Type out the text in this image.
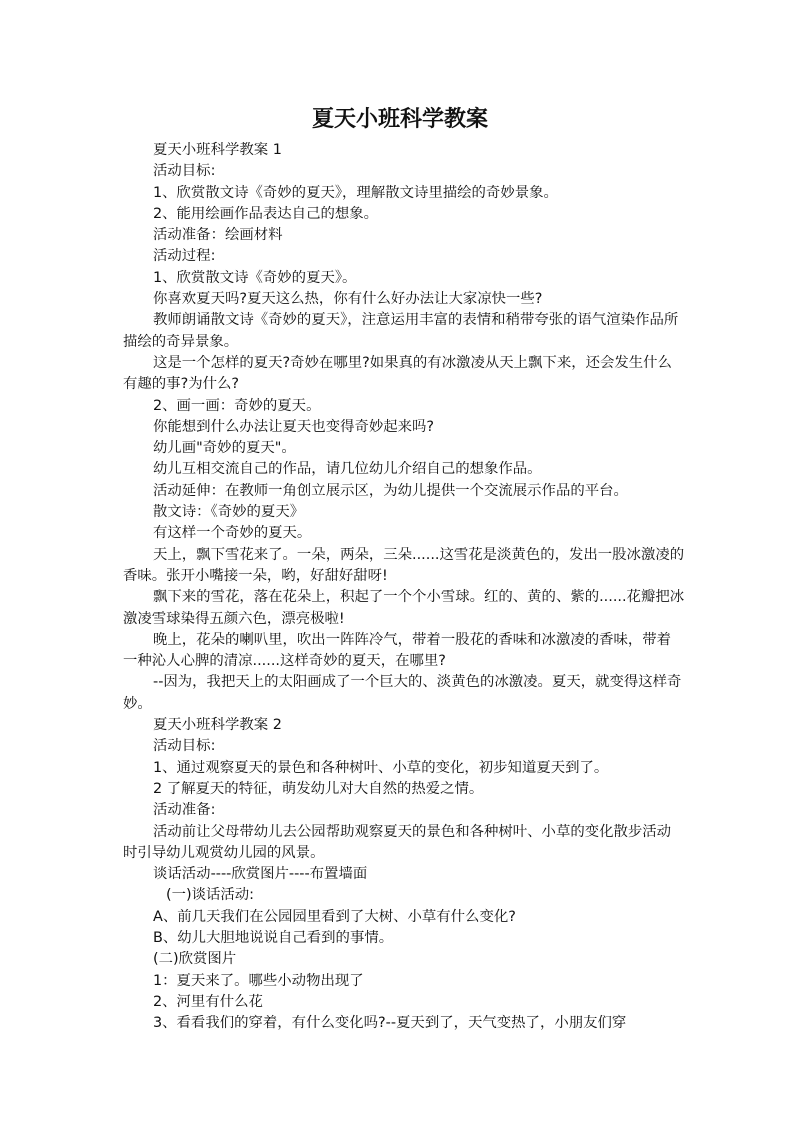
夏天小班科学教案

夏天小班科学教案 1

活动目标:

1、欣赏散文诗《奇妙的夏天》，理解散文诗里描绘的奇妙景象。

2、能用绘画作品表达自己的想象。

活动准备：绘画材料

活动过程:

1、欣赏散文诗《奇妙的夏天》。

你喜欢夏天吗?夏天这么热，你有什么好办法让大家凉快一些?

教师朗诵散文诗《奇妙的夏天》，注意运用丰富的表情和稍带夸张的语气渲染作品所描绘的奇异景象。

这是一个怎样的夏天?奇妙在哪里?如果真的有冰激凌从天上飘下来，还会发生什么有趣的事?为什么?

2、画一画：奇妙的夏天。

你能想到什么办法让夏天也变得奇妙起来吗?

幼儿画"奇妙的夏天"。

幼儿互相交流自己的作品，请几位幼儿介绍自己的想象作品。

活动延伸：在教师一角创立展示区，为幼儿提供一个交流展示作品的平台。

散文诗：《奇妙的夏天》

有这样一个奇妙的夏天。

天上，飘下雪花来了。一朵，两朵，三朵......这雪花是淡黄色的，发出一股冰激凌的香味。张开小嘴接一朵，哟，好甜好甜呀!

飘下来的雪花，落在花朵上，积起了一个个小雪球。红的、黄的、紫的......花瓣把冰激凌雪球染得五颜六色，漂亮极啦!

晚上，花朵的喇叭里，吹出一阵阵冷气，带着一股花的香味和冰激凌的香味，带着一种沁人心脾的清凉......这样奇妙的夏天，在哪里?

--因为，我把天上的太阳画成了一个巨大的、淡黄色的冰激凌。夏天，就变得这样奇妙。

夏天小班科学教案 2

活动目标:

1、通过观察夏天的景色和各种树叶、小草的变化，初步知道夏天到了。

2 了解夏天的特征，萌发幼儿对大自然的热爱之情。

活动准备:

活动前让父母带幼儿去公园帮助观察夏天的景色和各种树叶、小草的变化散步活动时引导幼儿观赏幼儿园的风景。

谈话活动----欣赏图片----布置墙面

(一)谈话活动:

A、前几天我们在公园园里看到了大树、小草有什么变化?

B、幼儿大胆地说说自己看到的事情。

(二)欣赏图片

1：夏天来了。哪些小动物出现了

2、河里有什么花

3、看看我们的穿着，有什么变化吗?--夏天到了，天气变热了，小朋友们穿
